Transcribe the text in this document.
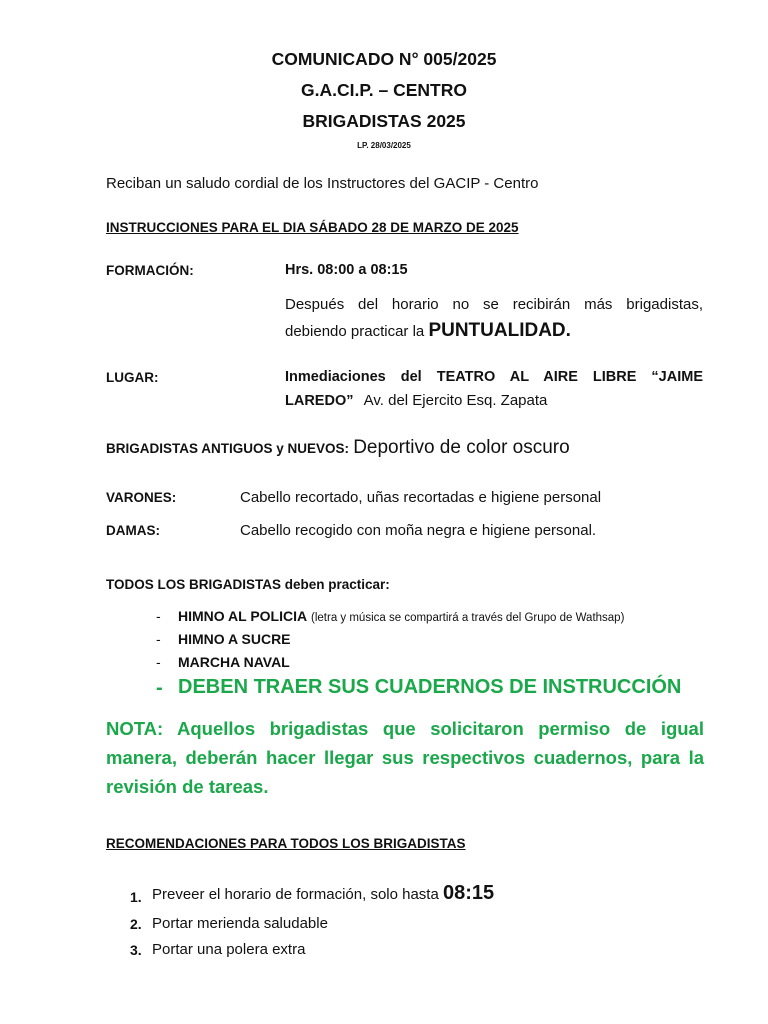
COMUNICADO N° 005/2025
G.A.CI.P. – CENTRO
BRIGADISTAS 2025
LP. 28/03/2025
Reciban un saludo cordial de los Instructores del GACIP - Centro
INSTRUCCIONES PARA EL DIA SÁBADO 28 DE MARZO DE 2025
FORMACIÓN:	Hrs. 08:00 a 08:15
Después del horario no se recibirán más brigadistas,
debiendo practicar la PUNTUALIDAD.
LUGAR:	Inmediaciones del TEATRO AL AIRE LIBRE “JAIME
LAREDO” Av. del Ejercito Esq. Zapata
BRIGADISTAS ANTIGUOS y NUEVOS: Deportivo de color oscuro
VARONES:	Cabello recortado, uñas recortadas e higiene personal
DAMAS:	Cabello recogido con moña negra e higiene personal.
TODOS LOS BRIGADISTAS deben practicar:
- HIMNO AL POLICIA (letra y música se compartirá a través del Grupo de Wathsap)
- HIMNO A SUCRE
- MARCHA NAVAL
- DEBEN TRAER SUS CUADERNOS DE INSTRUCCIÓN
NOTA: Aquellos brigadistas que solicitaron permiso de igual
manera, deberán hacer llegar sus respectivos cuadernos, para la
revisión de tareas.
RECOMENDACIONES PARA TODOS LOS BRIGADISTAS
1. Preveer el horario de formación, solo hasta 08:15
2. Portar merienda saludable
3. Portar una polera extra
